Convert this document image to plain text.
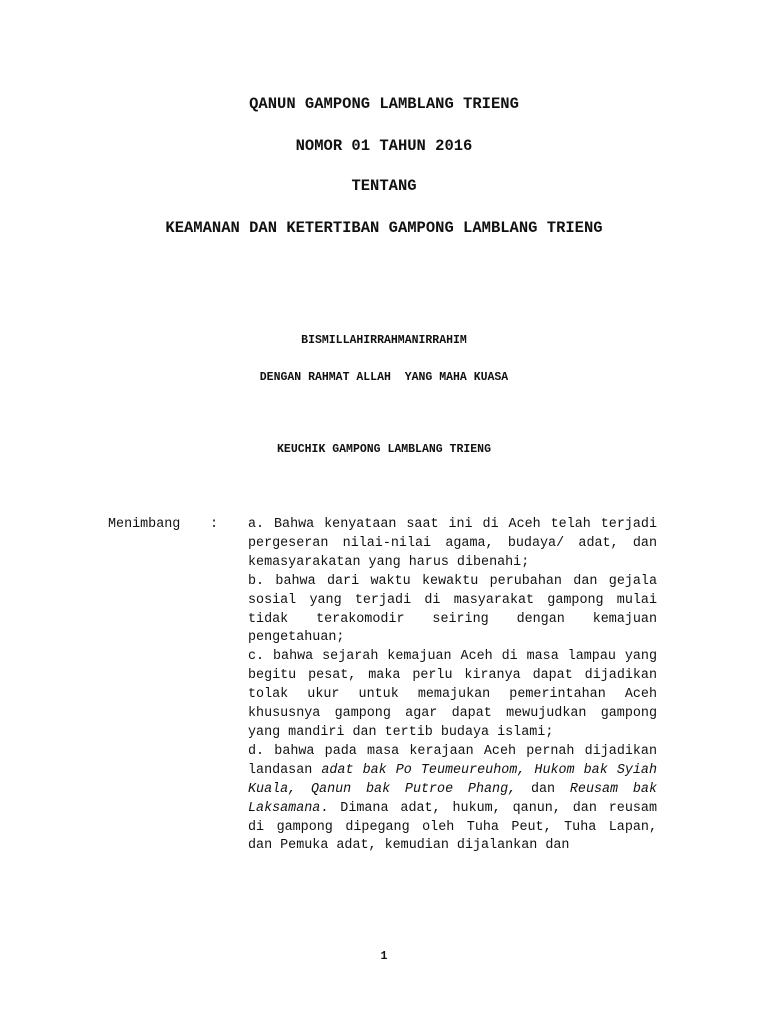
QANUN GAMPONG LAMBLANG TRIENG
NOMOR 01 TAHUN 2016
TENTANG
KEAMANAN DAN KETERTIBAN GAMPONG LAMBLANG TRIENG
BISMILLAHIRRAHMANIRRAHIM
DENGAN RAHMAT ALLAH  YANG MAHA KUASA
KEUCHIK GAMPONG LAMBLANG TRIENG
Menimbang : a. Bahwa kenyataan saat ini di Aceh telah terjadi pergeseran nilai-nilai agama, budaya/ adat, dan kemasyarakatan yang harus dibenahi;

b. bahwa dari waktu kewaktu perubahan dan gejala sosial yang terjadi di masyarakat gampong mulai tidak terakomodir seiring dengan kemajuan pengetahuan;

c. bahwa sejarah kemajuan Aceh di masa lampau yang begitu pesat, maka perlu kiranya dapat dijadikan tolak ukur untuk memajukan pemerintahan Aceh khususnya gampong agar dapat mewujudkan gampong yang mandiri dan tertib budaya islami;

d. bahwa pada masa kerajaan Aceh pernah dijadikan landasan adat bak Po Teumeureuhom, Hukom bak Syiah Kuala, Qanun bak Putroe Phang, dan Reusam bak Laksamana. Dimana adat, hukum, qanun, dan reusam di gampong dipegang oleh Tuha Peut, Tuha Lapan, dan Pemuka adat, kemudian dijalankan dan

1
